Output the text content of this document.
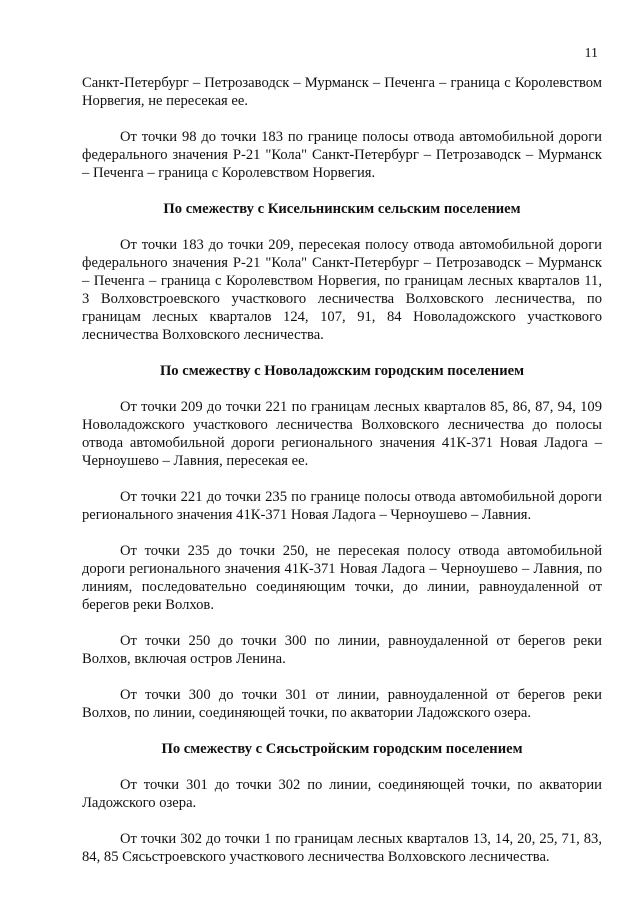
11

Санкт-Петербург – Петрозаводск – Мурманск – Печенга – граница с Королевством Норвегия, не пересекая ее.

От точки 98 до точки 183 по границе полосы отвода автомобильной дороги федерального значения Р-21 "Кола" Санкт-Петербург – Петрозаводск – Мурманск – Печенга – граница с Королевством Норвегия.

По смежеству с Кисельнинским сельским поселением

От точки 183 до точки 209, пересекая полосу отвода автомобильной дороги федерального значения Р-21 "Кола" Санкт-Петербург – Петрозаводск – Мурманск – Печенга – граница с Королевством Норвегия, по границам лесных кварталов 11, 3 Волховстроевского участкового лесничества Волховского лесничества, по границам лесных кварталов 124, 107, 91, 84 Новоладожского участкового лесничества Волховского лесничества.

По смежеству с Новоладожским городским поселением

От точки 209 до точки 221 по границам лесных кварталов 85, 86, 87, 94, 109 Новоладожского участкового лесничества Волховского лесничества до полосы отвода автомобильной дороги регионального значения 41К-371 Новая Ладога – Черноушево – Лавния, пересекая ее.

От точки 221 до точки 235 по границе полосы отвода автомобильной дороги регионального значения 41К-371 Новая Ладога – Черноушево – Лавния.

От точки 235 до точки 250, не пересекая полосу отвода автомобильной дороги регионального значения 41К-371 Новая Ладога – Черноушево – Лавния, по линиям, последовательно соединяющим точки, до линии, равноудаленной от берегов реки Волхов.

От точки 250 до точки 300 по линии, равноудаленной от берегов реки Волхов, включая остров Ленина.

От точки 300 до точки 301 от линии, равноудаленной от берегов реки Волхов, по линии, соединяющей точки, по акватории Ладожского озера.

По смежеству с Сясьстройским городским поселением

От точки 301 до точки 302 по линии, соединяющей точки, по акватории Ладожского озера.

От точки 302 до точки 1 по границам лесных кварталов 13, 14, 20, 25, 71, 83, 84, 85 Сясьстроевского участкового лесничества Волховского лесничества.
